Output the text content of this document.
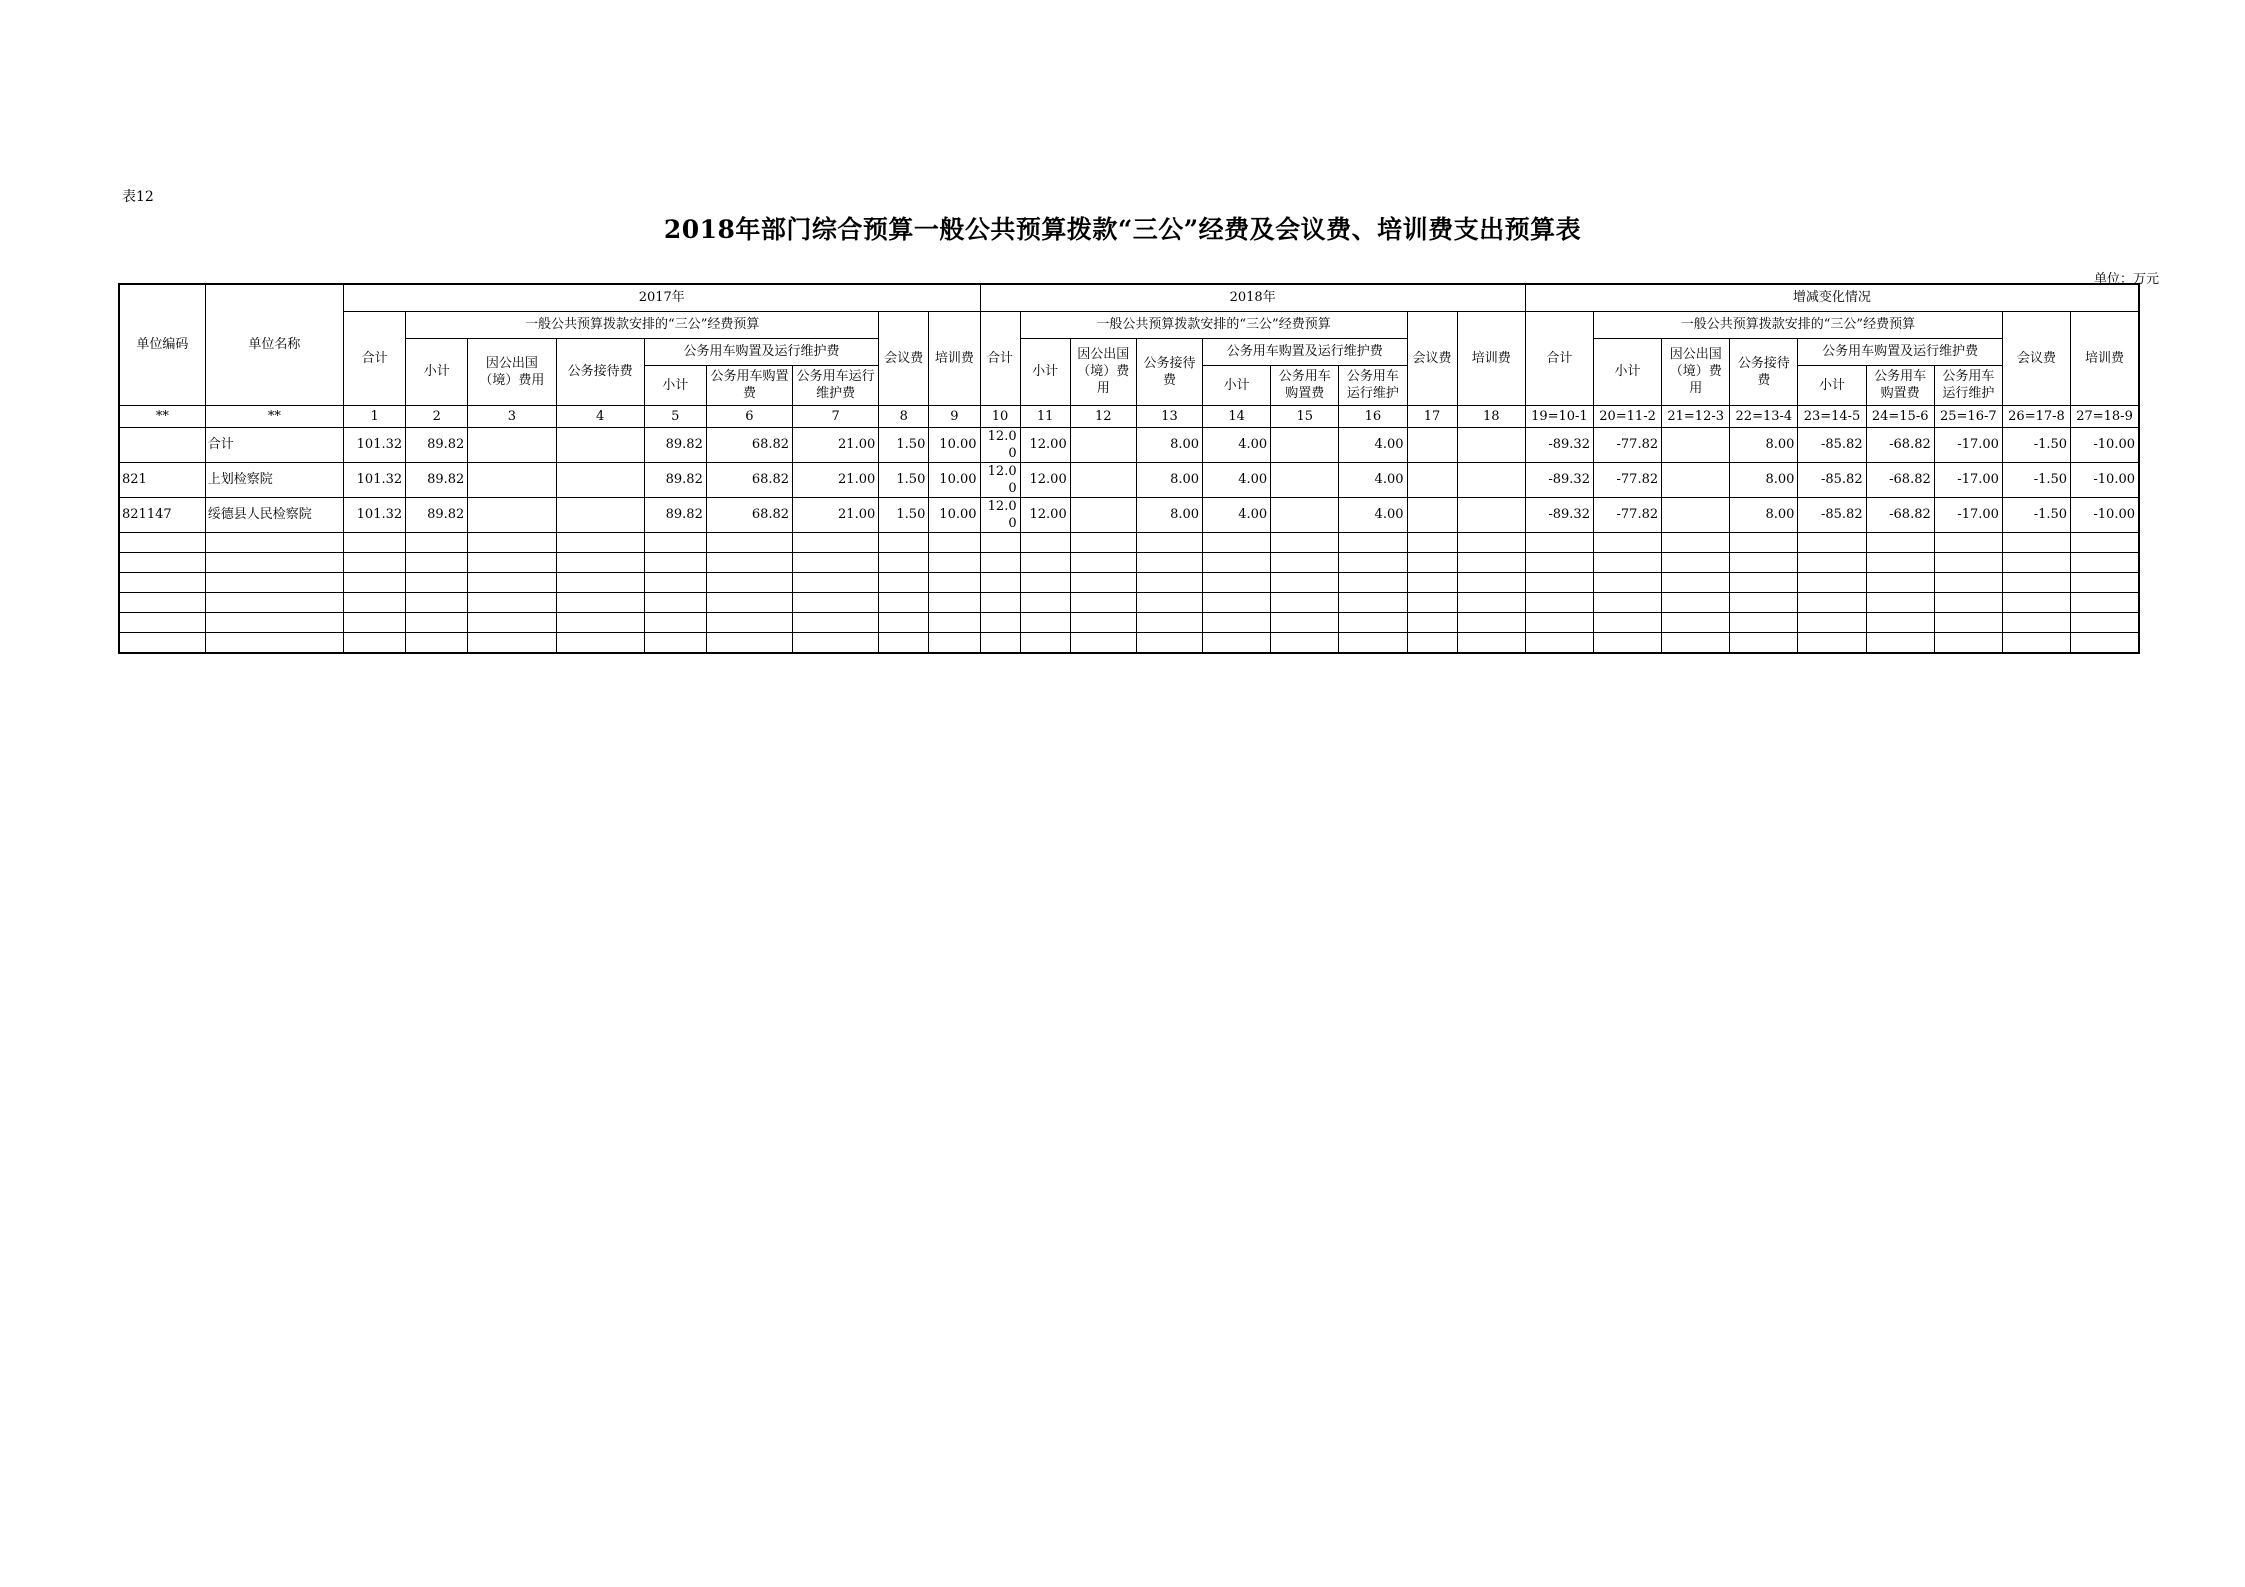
表12
2018年部门综合预算一般公共预算拨款“三公”经费及会议费、培训费支出预算表
单位：万元
单位编码	单位名称	2017年									2018年									增减变化情况								
		合计	一般公共预算拨款安排的“三公”经费预算						会议费	培训费	合计	一般公共预算拨款安排的“三公”经费预算						会议费	培训费	合计	一般公共预算拨款安排的“三公”经费预算						会议费	培训费
			小计	因公出国（境）费用	公务接待费	公务用车购置及运行维护费						小计	因公出国（境）费用	公务接待费	公务用车购置及运行维护费						小计	因公出国（境）费用	公务接待费	公务用车购置及运行维护费				
						小计	公务用车购置费	公务用车运行维护费							小计	公务用车购置费	公务用车运行维护							小计	公务用车购置费	公务用车运行维护		
**	**	1	2	3	4	5	6	7	8	9	10	11	12	13	14	15	16	17	18	19=10-1	20=11-2	21=12-3	22=13-4	23=14-5	24=15-6	25=16-7	26=17-8	27=18-9
	合计	101.32	89.82			89.82	68.82	21.00	1.50	10.00	12.00	12.00		8.00	4.00		4.00			-89.32	-77.82		8.00	-85.82	-68.82	-17.00	-1.50	-10.00
821	上划检察院	101.32	89.82			89.82	68.82	21.00	1.50	10.00	12.00	12.00		8.00	4.00		4.00			-89.32	-77.82		8.00	-85.82	-68.82	-17.00	-1.50	-10.00
821147	绥德县人民检察院	101.32	89.82			89.82	68.82	21.00	1.50	10.00	12.00	12.00		8.00	4.00		4.00			-89.32	-77.82		8.00	-85.82	-68.82	-17.00	-1.50	-10.00
